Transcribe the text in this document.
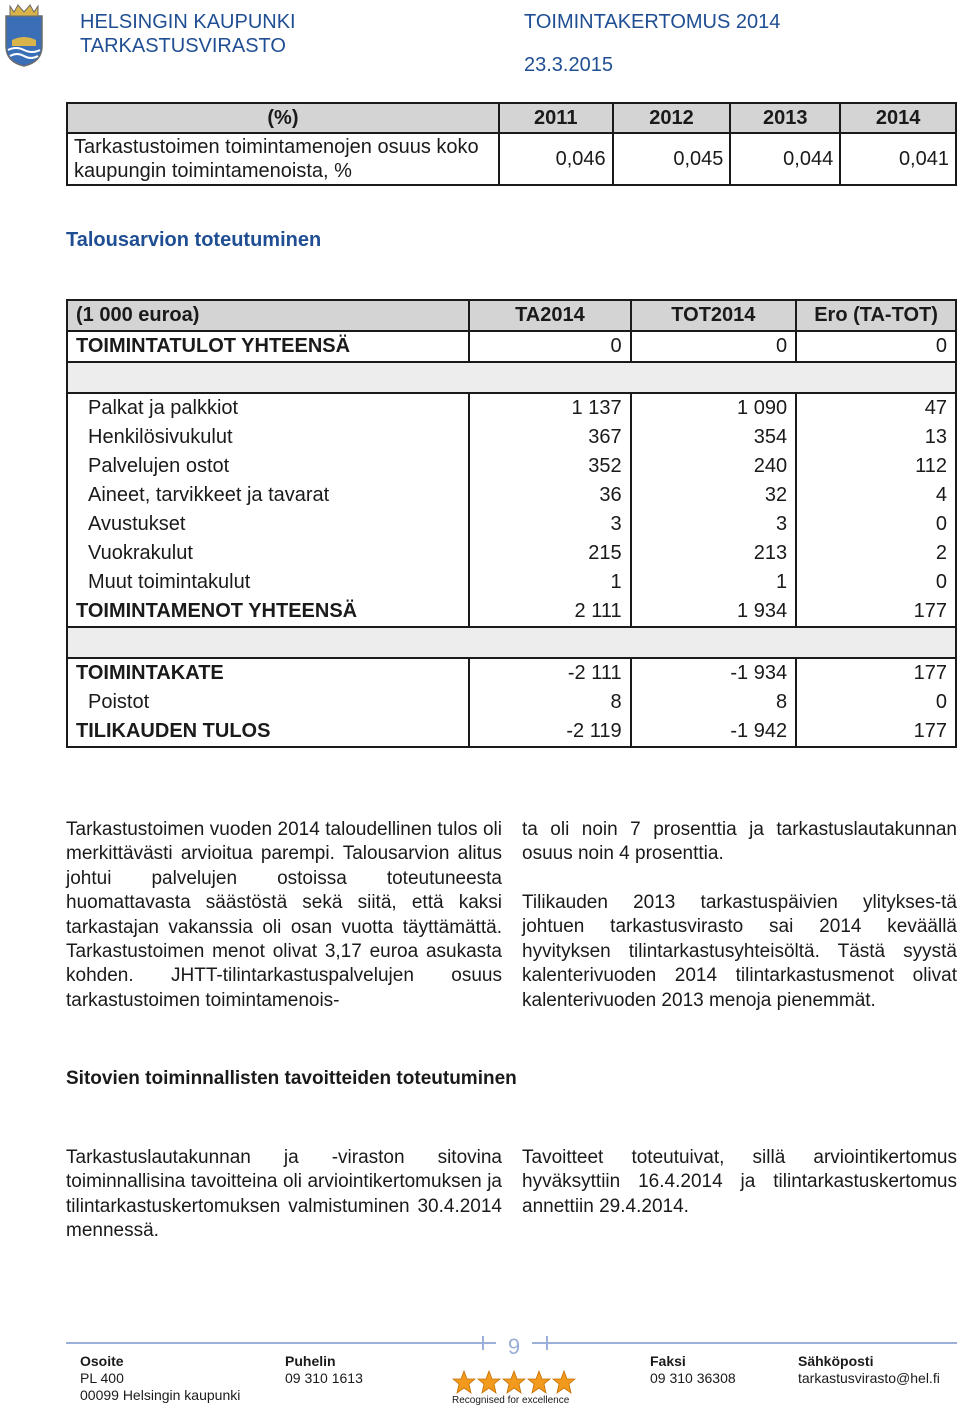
HELSINGIN KAUPUNKI
TARKASTUSVIRASTO
TOIMINTAKERTOMUS 2014
23.3.2015
(%)	2011	2012	2013	2014
Tarkastustoimen toimintamenojen osuus koko kaupungin toimintamenoista, %	0,046	0,045	0,044	0,041
Talousarvion toteutuminen
(1 000 euroa)	TA2014	TOT2014	Ero (TA-TOT)
TOIMINTATULOT YHTEENSÄ	0	0	0

Palkat ja palkkiot	1 137	1 090	47
Henkilösivukulut	367	354	13
Palvelujen ostot	352	240	112
Aineet, tarvikkeet ja tavarat	36	32	4
Avustukset	3	3	0
Vuokrakulut	215	213	2
Muut toimintakulut	1	1	0
TOIMINTAMENOT YHTEENSÄ	2 111	1 934	177

TOIMINTAKATE	-2 111	-1 934	177
Poistot	8	8	0
TILIKAUDEN TULOS	-2 119	-1 942	177
Tarkastustoimen vuoden 2014 taloudellinen tulos oli merkittävästi arvioitua parempi. Talousarvion alitus johtui palvelujen ostoissa toteutuneesta huomattavasta säästöstä sekä siitä, että kaksi tarkastajan vakanssia oli osan vuotta täyttämättä. Tarkastustoimen menot olivat 3,17 euroa asukasta kohden. JHTT-tilintarkastuspalvelujen osuus tarkastustoimen toimintamenois-
ta oli noin 7 prosenttia ja tarkastuslautakunnan osuus noin 4 prosenttia.
Tilikauden 2013 tarkastuspäivien ylitykses-tä johtuen tarkastusvirasto sai 2014 keväällä hyvityksen tilintarkastusyhteisöltä. Tästä syystä kalenterivuoden 2014 tilintarkastusmenot olivat kalenterivuoden 2013 menoja pienemmät.
Sitovien toiminnallisten tavoitteiden toteutuminen
Tarkastuslautakunnan ja -viraston sitovina toiminnallisina tavoitteina oli arviointikertomuksen ja tilintarkastuskertomuksen valmistuminen 30.4.2014 mennessä.
Tavoitteet toteutuivat, sillä arviointikertomus hyväksyttiin 16.4.2014 ja tilintarkastuskertomus annettiin 29.4.2014.
9
Osoite
PL 400
00099 Helsingin kaupunki
Puhelin
09 310 1613
Faksi
09 310 36308
Sähköposti
tarkastusvirasto@hel.fi
Recognised for excellence
